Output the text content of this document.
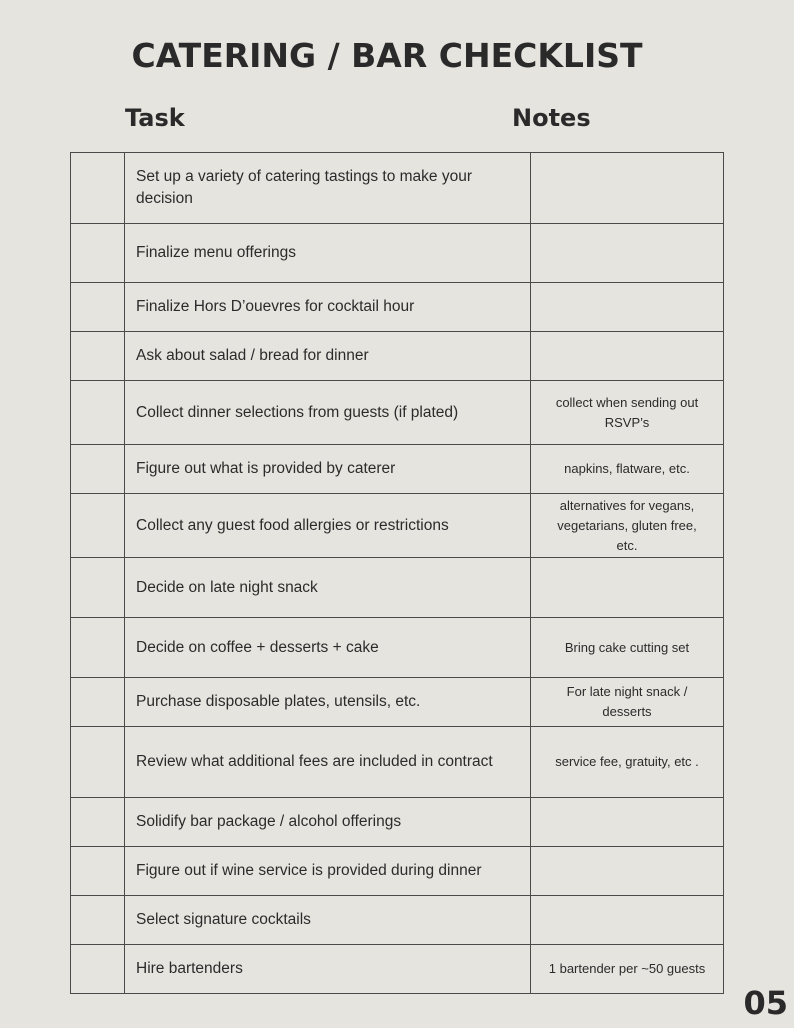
CATERING / BAR CHECKLIST
Task	Notes
	Set up a variety of catering tastings to make your decision	
	Finalize menu offerings	
	Finalize Hors D’ouevres for cocktail hour	
	Ask about salad / bread for dinner	
	Collect dinner selections from guests (if plated)	collect when sending out RSVP’s
	Figure out what is provided by caterer	napkins, flatware, etc.
	Collect any guest food allergies or restrictions	alternatives for vegans, vegetarians, gluten free, etc.
	Decide on late night snack	
	Decide on coffee + desserts + cake	Bring cake cutting set
	Purchase disposable plates, utensils, etc.	For late night snack / desserts
	Review what additional fees are included in contract	service fee, gratuity, etc .
	Solidify bar package / alcohol offerings	
	Figure out if wine service is provided during dinner	
	Select signature cocktails	
	Hire bartenders	1 bartender per ~50 guests
05
